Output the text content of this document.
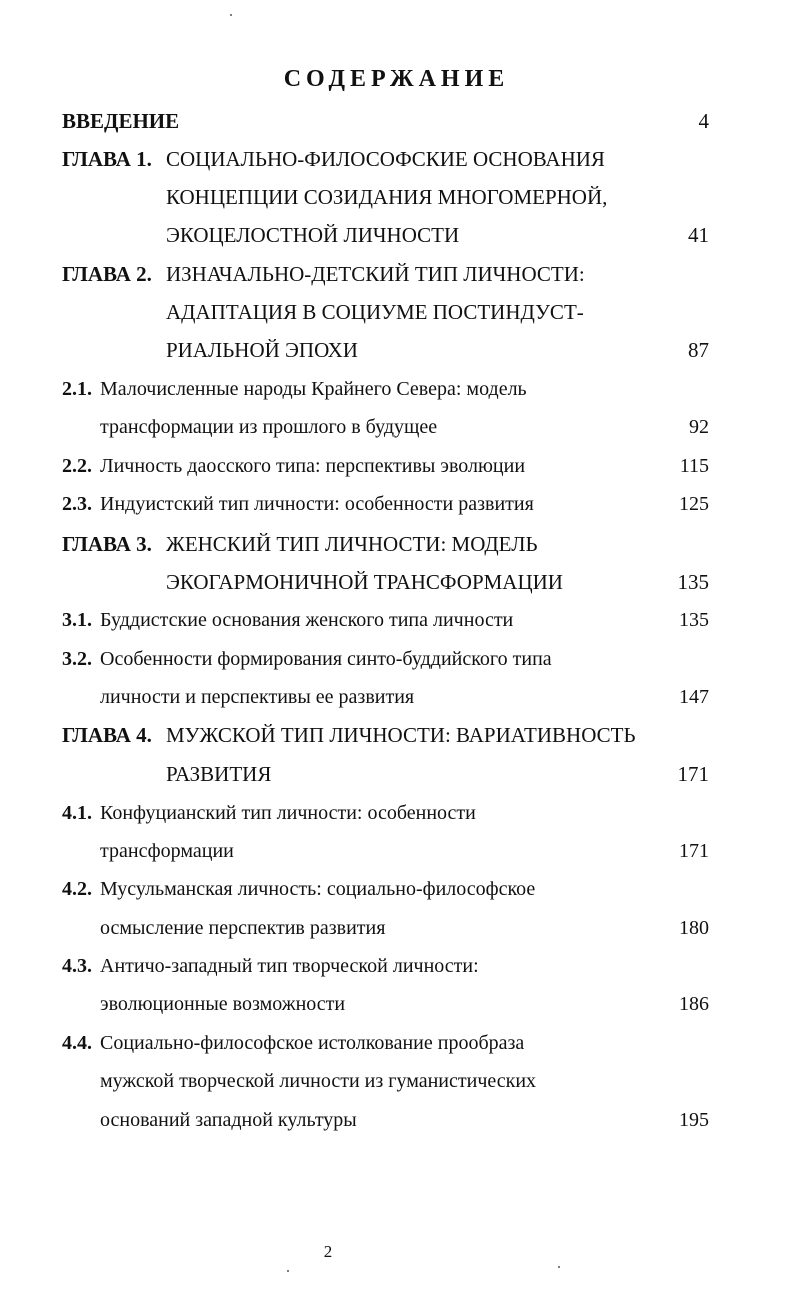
СОДЕРЖАНИЕ
ВВЕДЕНИЕ	4
ГЛАВА 1. СОЦИАЛЬНО-ФИЛОСОФСКИЕ ОСНОВАНИЯ
КОНЦЕПЦИИ СОЗИДАНИЯ МНОГОМЕРНОЙ,
ЭКОЦЕЛОСТНОЙ ЛИЧНОСТИ	41
ГЛАВА 2. ИЗНАЧАЛЬНО-ДЕТСКИЙ ТИП ЛИЧНОСТИ:
АДАПТАЦИЯ В СОЦИУМЕ ПОСТИНДУСТ-
РИАЛЬНОЙ ЭПОХИ	87
2.1. Малочисленные народы Крайнего Севера: модель
трансформации из прошлого в будущее	92
2.2. Личность даосского типа: перспективы эволюции	115
2.3. Индуистский тип личности: особенности развития	125
ГЛАВА 3. ЖЕНСКИЙ ТИП ЛИЧНОСТИ: МОДЕЛЬ
ЭКОГАРМОНИЧНОЙ ТРАНСФОРМАЦИИ	135
3.1. Буддистские основания женского типа личности	135
3.2. Особенности формирования синто-буддийского типа
личности и перспективы ее развития	147
ГЛАВА 4. МУЖСКОЙ ТИП ЛИЧНОСТИ: ВАРИАТИВНОСТЬ
РАЗВИТИЯ	171
4.1. Конфуцианский тип личности: особенности
трансформации	171
4.2. Мусульманская личность: социально-философское
осмысление перспектив развития	180
4.3. Античо-западный тип творческой личности:
эволюционные возможности	186
4.4. Социально-философское истолкование прообраза
мужской творческой личности из гуманистических
оснований западной культуры	195
2
